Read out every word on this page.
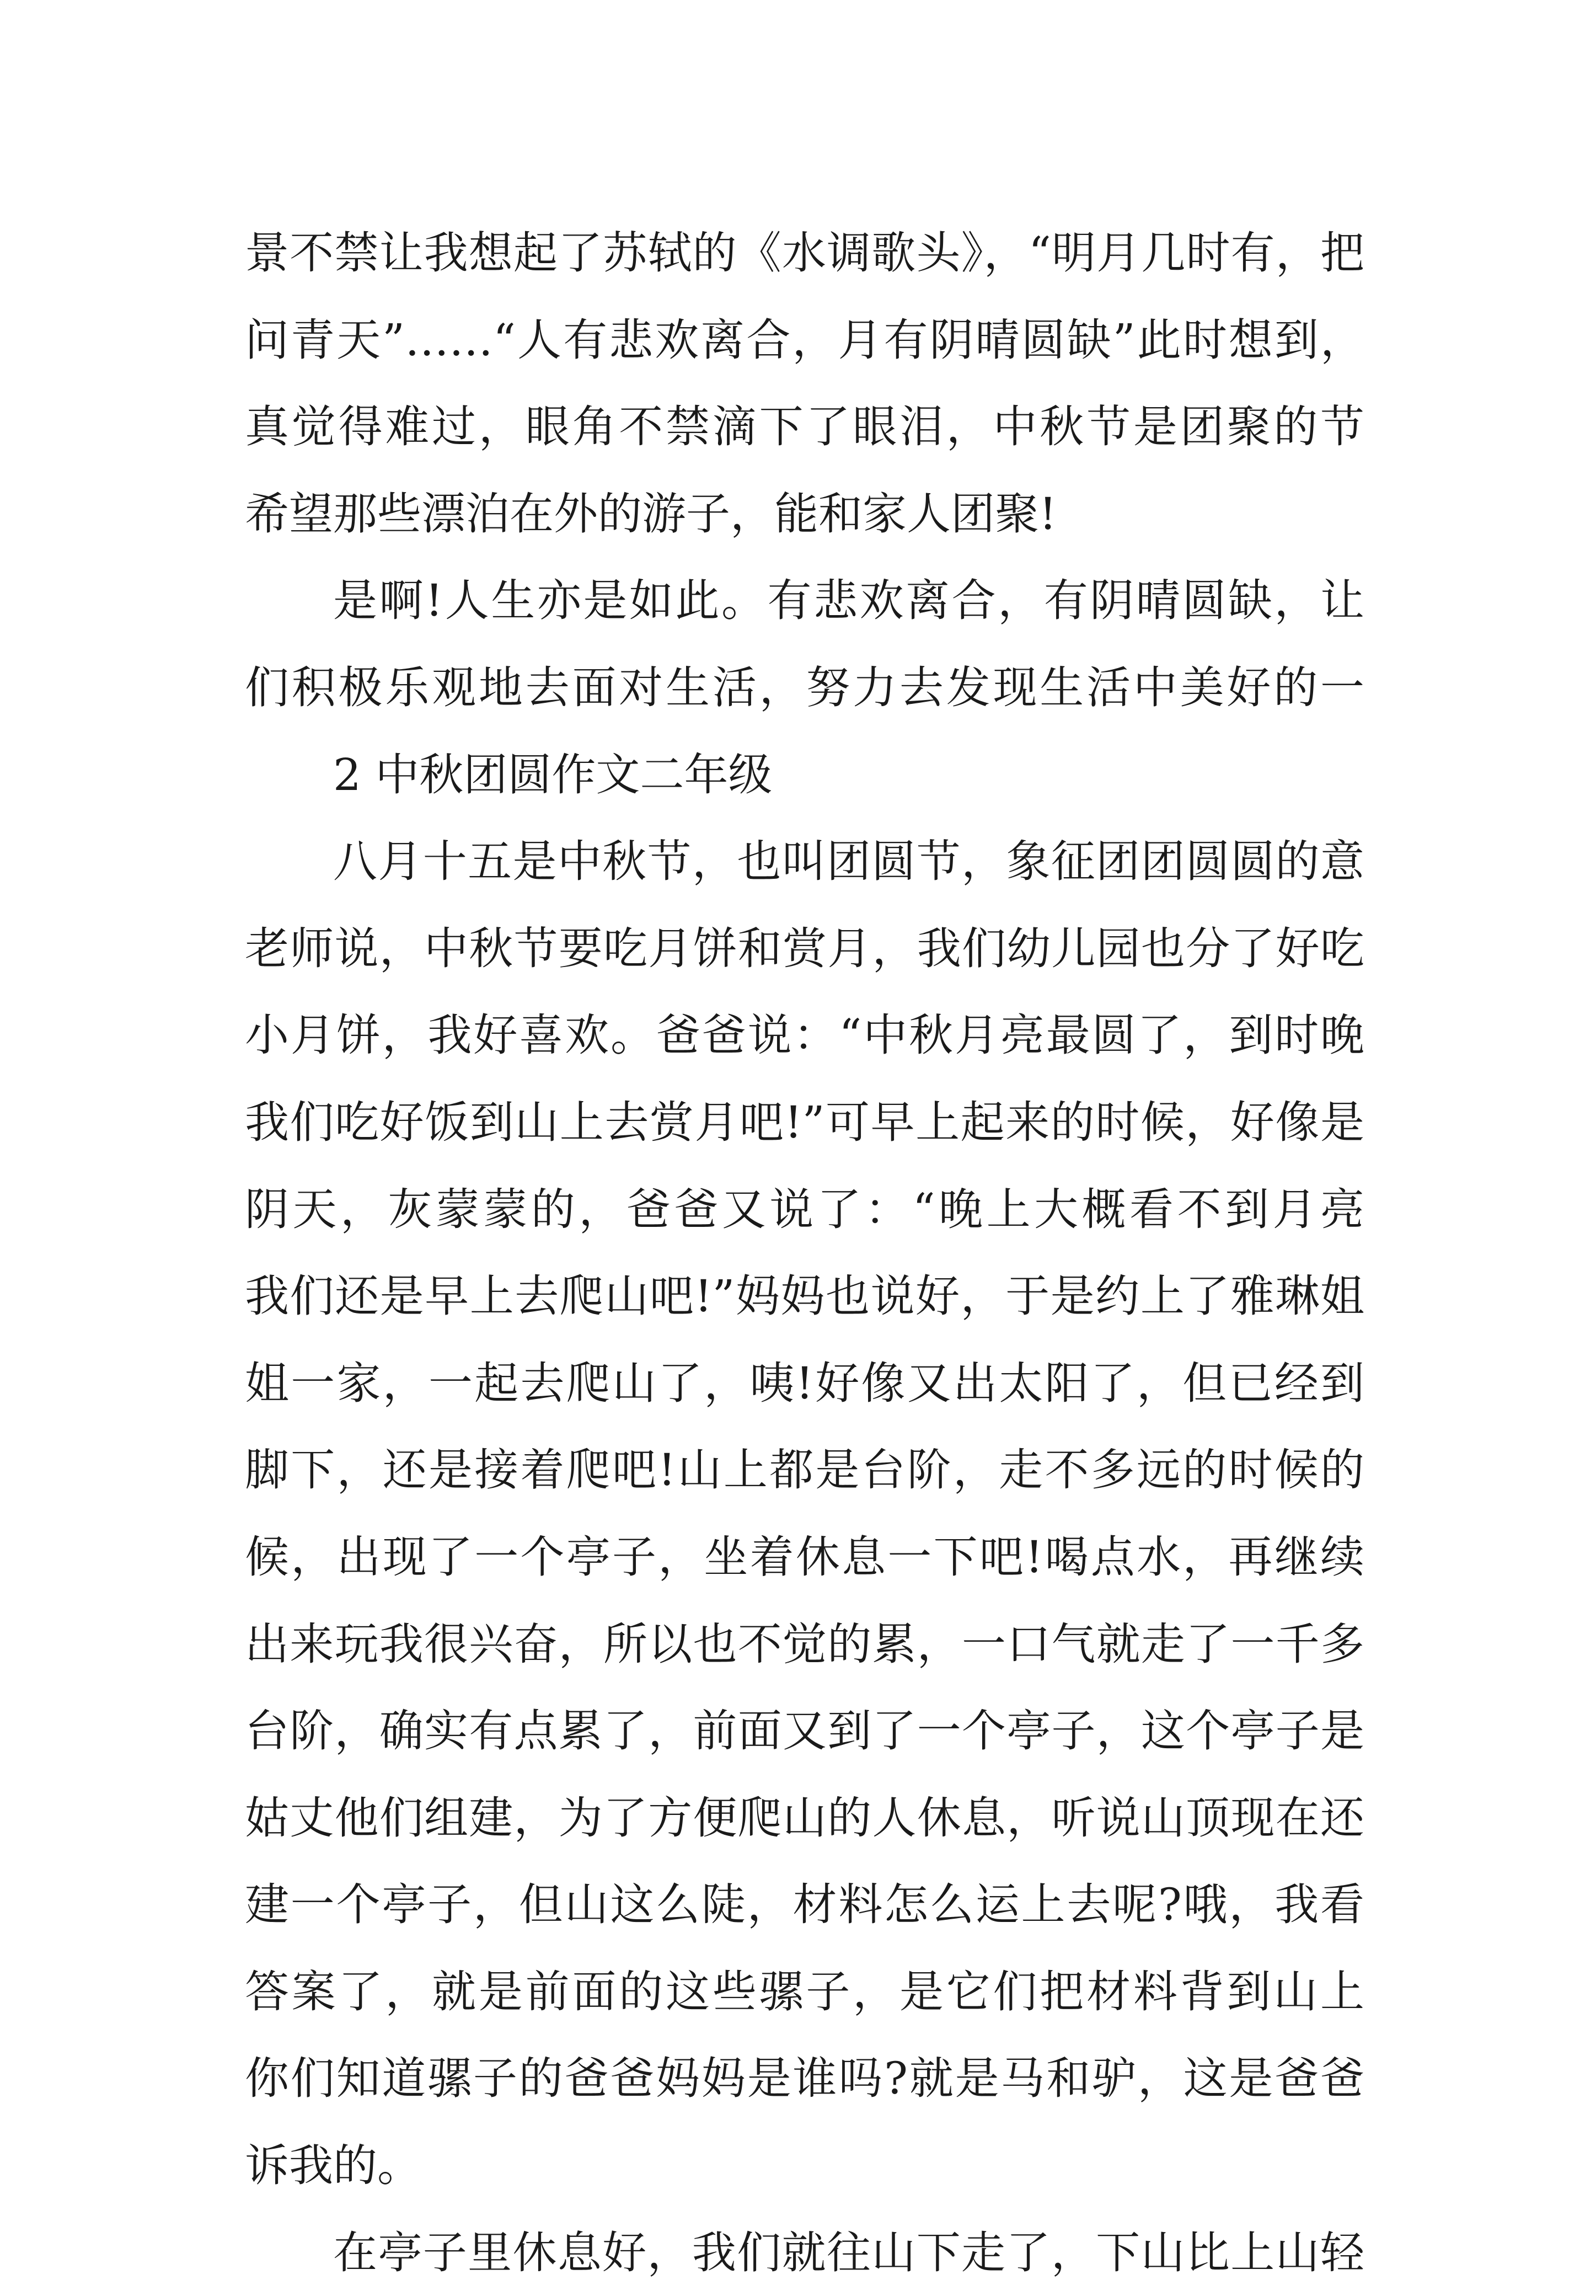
景不禁让我想起了苏轼的《水调歌头》，“明月几时有，把
问青天”……“人有悲欢离合，月有阴晴圆缺”此时想到，
真觉得难过，眼角不禁滴下了眼泪，中秋节是团聚的节
希望那些漂泊在外的游子，能和家人团聚!
是啊!人生亦是如此。有悲欢离合，有阴晴圆缺，让
们积极乐观地去面对生活，努力去发现生活中美好的一
2 中秋团圆作文二年级
八月十五是中秋节，也叫团圆节，象征团团圆圆的意
老师说，中秋节要吃月饼和赏月，我们幼儿园也分了好吃
小月饼，我好喜欢。爸爸说：“中秋月亮最圆了，到时晚
我们吃好饭到山上去赏月吧!”可早上起来的时候，好像是
阴天，灰蒙蒙的，爸爸又说了：“晚上大概看不到月亮
我们还是早上去爬山吧!”妈妈也说好，于是约上了雅琳姐
姐一家，一起去爬山了，咦!好像又出太阳了，但已经到
脚下，还是接着爬吧!山上都是台阶，走不多远的时候的
候，出现了一个亭子，坐着休息一下吧!喝点水，再继续
出来玩我很兴奋，所以也不觉的累，一口气就走了一千多
台阶，确实有点累了，前面又到了一个亭子，这个亭子是
姑丈他们组建，为了方便爬山的人休息，听说山顶现在还
建一个亭子，但山这么陡，材料怎么运上去呢?哦，我看
答案了，就是前面的这些骡子，是它们把材料背到山上
你们知道骡子的爸爸妈妈是谁吗?就是马和驴，这是爸爸
诉我的。
在亭子里休息好，我们就往山下走了，下山比上山轻
